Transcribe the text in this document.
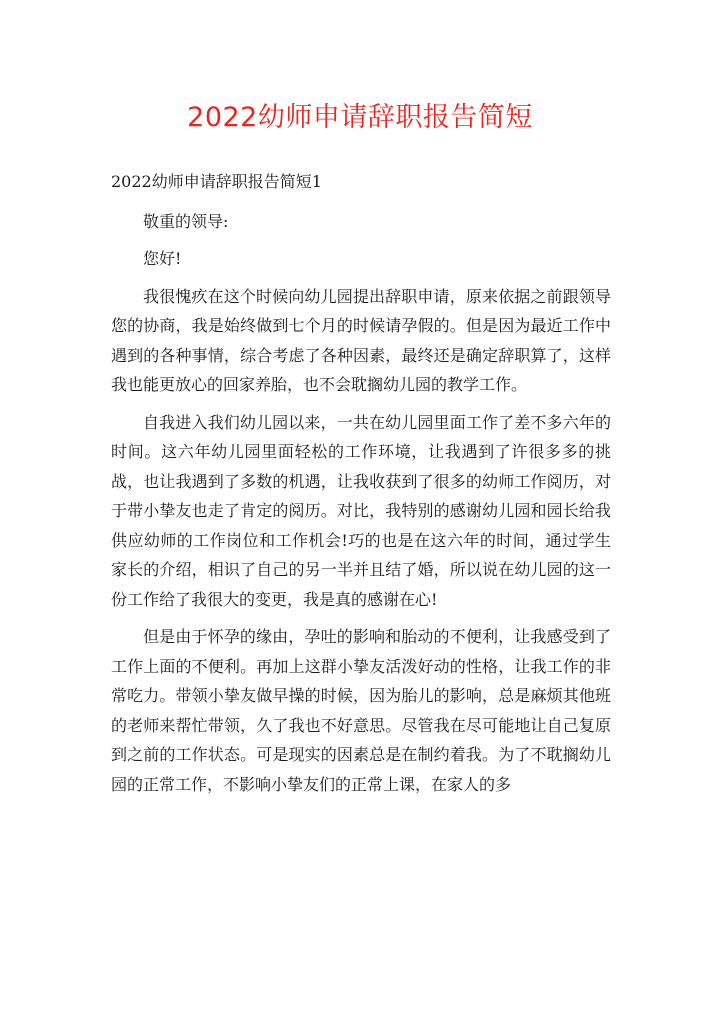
2022幼师申请辞职报告简短

2022幼师申请辞职报告简短1

敬重的领导:

您好!

我很愧疚在这个时候向幼儿园提出辞职申请，原来依据之前跟领导您的协商，我是始终做到七个月的时候请孕假的。但是因为最近工作中遇到的各种事情，综合考虑了各种因素，最终还是确定辞职算了，这样我也能更放心的回家养胎，也不会耽搁幼儿园的教学工作。

自我进入我们幼儿园以来，一共在幼儿园里面工作了差不多六年的时间。这六年幼儿园里面轻松的工作环境，让我遇到了许很多多的挑战，也让我遇到了多数的机遇，让我收获到了很多的幼师工作阅历，对于带小挚友也走了肯定的阅历。对比，我特别的感谢幼儿园和园长给我供应幼师的工作岗位和工作机会!巧的也是在这六年的时间，通过学生家长的介绍，相识了自己的另一半并且结了婚，所以说在幼儿园的这一份工作给了我很大的变更，我是真的感谢在心!

但是由于怀孕的缘由，孕吐的影响和胎动的不便利，让我感受到了工作上面的不便利。再加上这群小挚友活泼好动的性格，让我工作的非常吃力。带领小挚友做早操的时候，因为胎儿的影响，总是麻烦其他班的老师来帮忙带领，久了我也不好意思。尽管我在尽可能地让自己复原到之前的工作状态。可是现实的因素总是在制约着我。为了不耽搁幼儿园的正常工作，不影响小挚友们的正常上课，在家人的多
